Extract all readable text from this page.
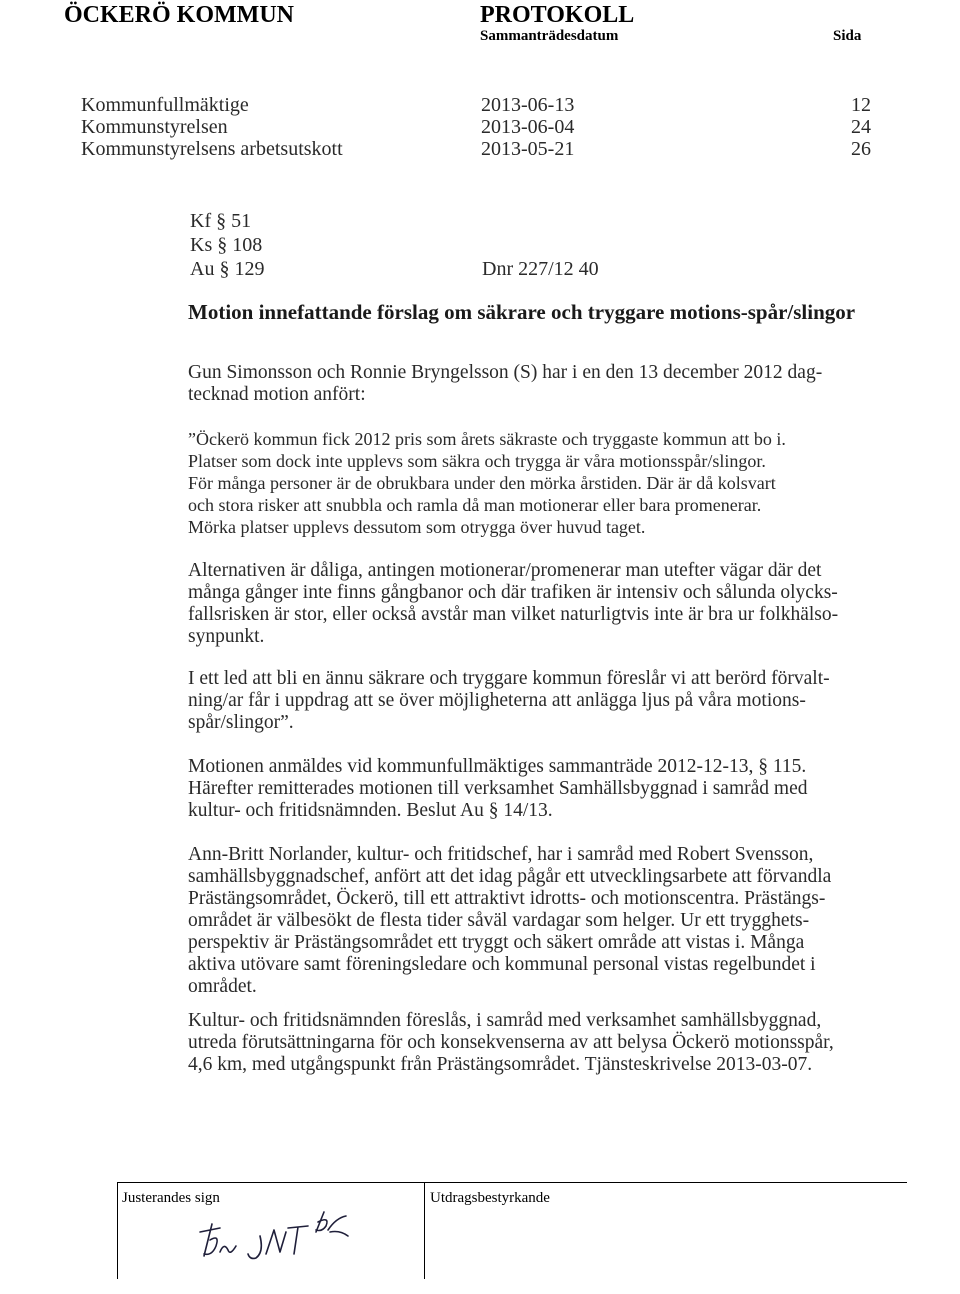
ÖCKERÖ KOMMUN	PROTOKOLL
Sammanträdesdatum	Sida
Kommunfullmäktige	2013-06-13	12
Kommunstyrelsen	2013-06-04	24
Kommunstyrelsens arbetsutskott	2013-05-21	26
Kf § 51
Ks § 108
Au § 129	Dnr 227/12 40
Motion innefattande förslag om säkrare och tryggare motions-spår/slingor
Gun Simonsson och Ronnie Bryngelsson (S) har i en den 13 december 2012 dag-
tecknad motion anfört:
”Öckerö kommun fick 2012 pris som årets säkraste och tryggaste kommun att bo i.
Platser som dock inte upplevs som säkra och trygga är våra motionsspår/slingor.
För många personer är de obrukbara under den mörka årstiden. Där är då kolsvart
och stora risker att snubbla och ramla då man motionerar eller bara promenerar.
Mörka platser upplevs dessutom som otrygga över huvud taget.
Alternativen är dåliga, antingen motionerar/promenerar man utefter vägar där det
många gånger inte finns gångbanor och där trafiken är intensiv och sålunda olycks-
fallsrisken är stor, eller också avstår man vilket naturligtvis inte är bra ur folkhälso-
synpunkt.
I ett led att bli en ännu säkrare och tryggare kommun föreslår vi att berörd förvalt-
ning/ar får i uppdrag att se över möjligheterna att anlägga ljus på våra motions-
spår/slingor”.
Motionen anmäldes vid kommunfullmäktiges sammanträde 2012-12-13, § 115.
Härefter remitterades motionen till verksamhet Samhällsbyggnad i samråd med
kultur- och fritidsnämnden. Beslut Au § 14/13.
Ann-Britt Norlander, kultur- och fritidschef, har i samråd med Robert Svensson,
samhällsbyggnadschef, anfört att det idag pågår ett utvecklingsarbete att förvandla
Prästängsområdet, Öckerö, till ett attraktivt idrotts- och motionscentra. Prästängs-
området är välbesökt de flesta tider såväl vardagar som helger. Ur ett trygghets-
perspektiv är Prästängsområdet ett tryggt och säkert område att vistas i. Många
aktiva utövare samt föreningsledare och kommunal personal vistas regelbundet i
området.
Kultur- och fritidsnämnden föreslås, i samråd med verksamhet samhällsbyggnad,
utreda förutsättningarna för och konsekvenserna av att belysa Öckerö motionsspår,
4,6 km, med utgångspunkt från Prästängsområdet. Tjänsteskrivelse 2013-03-07.
Justerandes sign	Utdragsbestyrkande
